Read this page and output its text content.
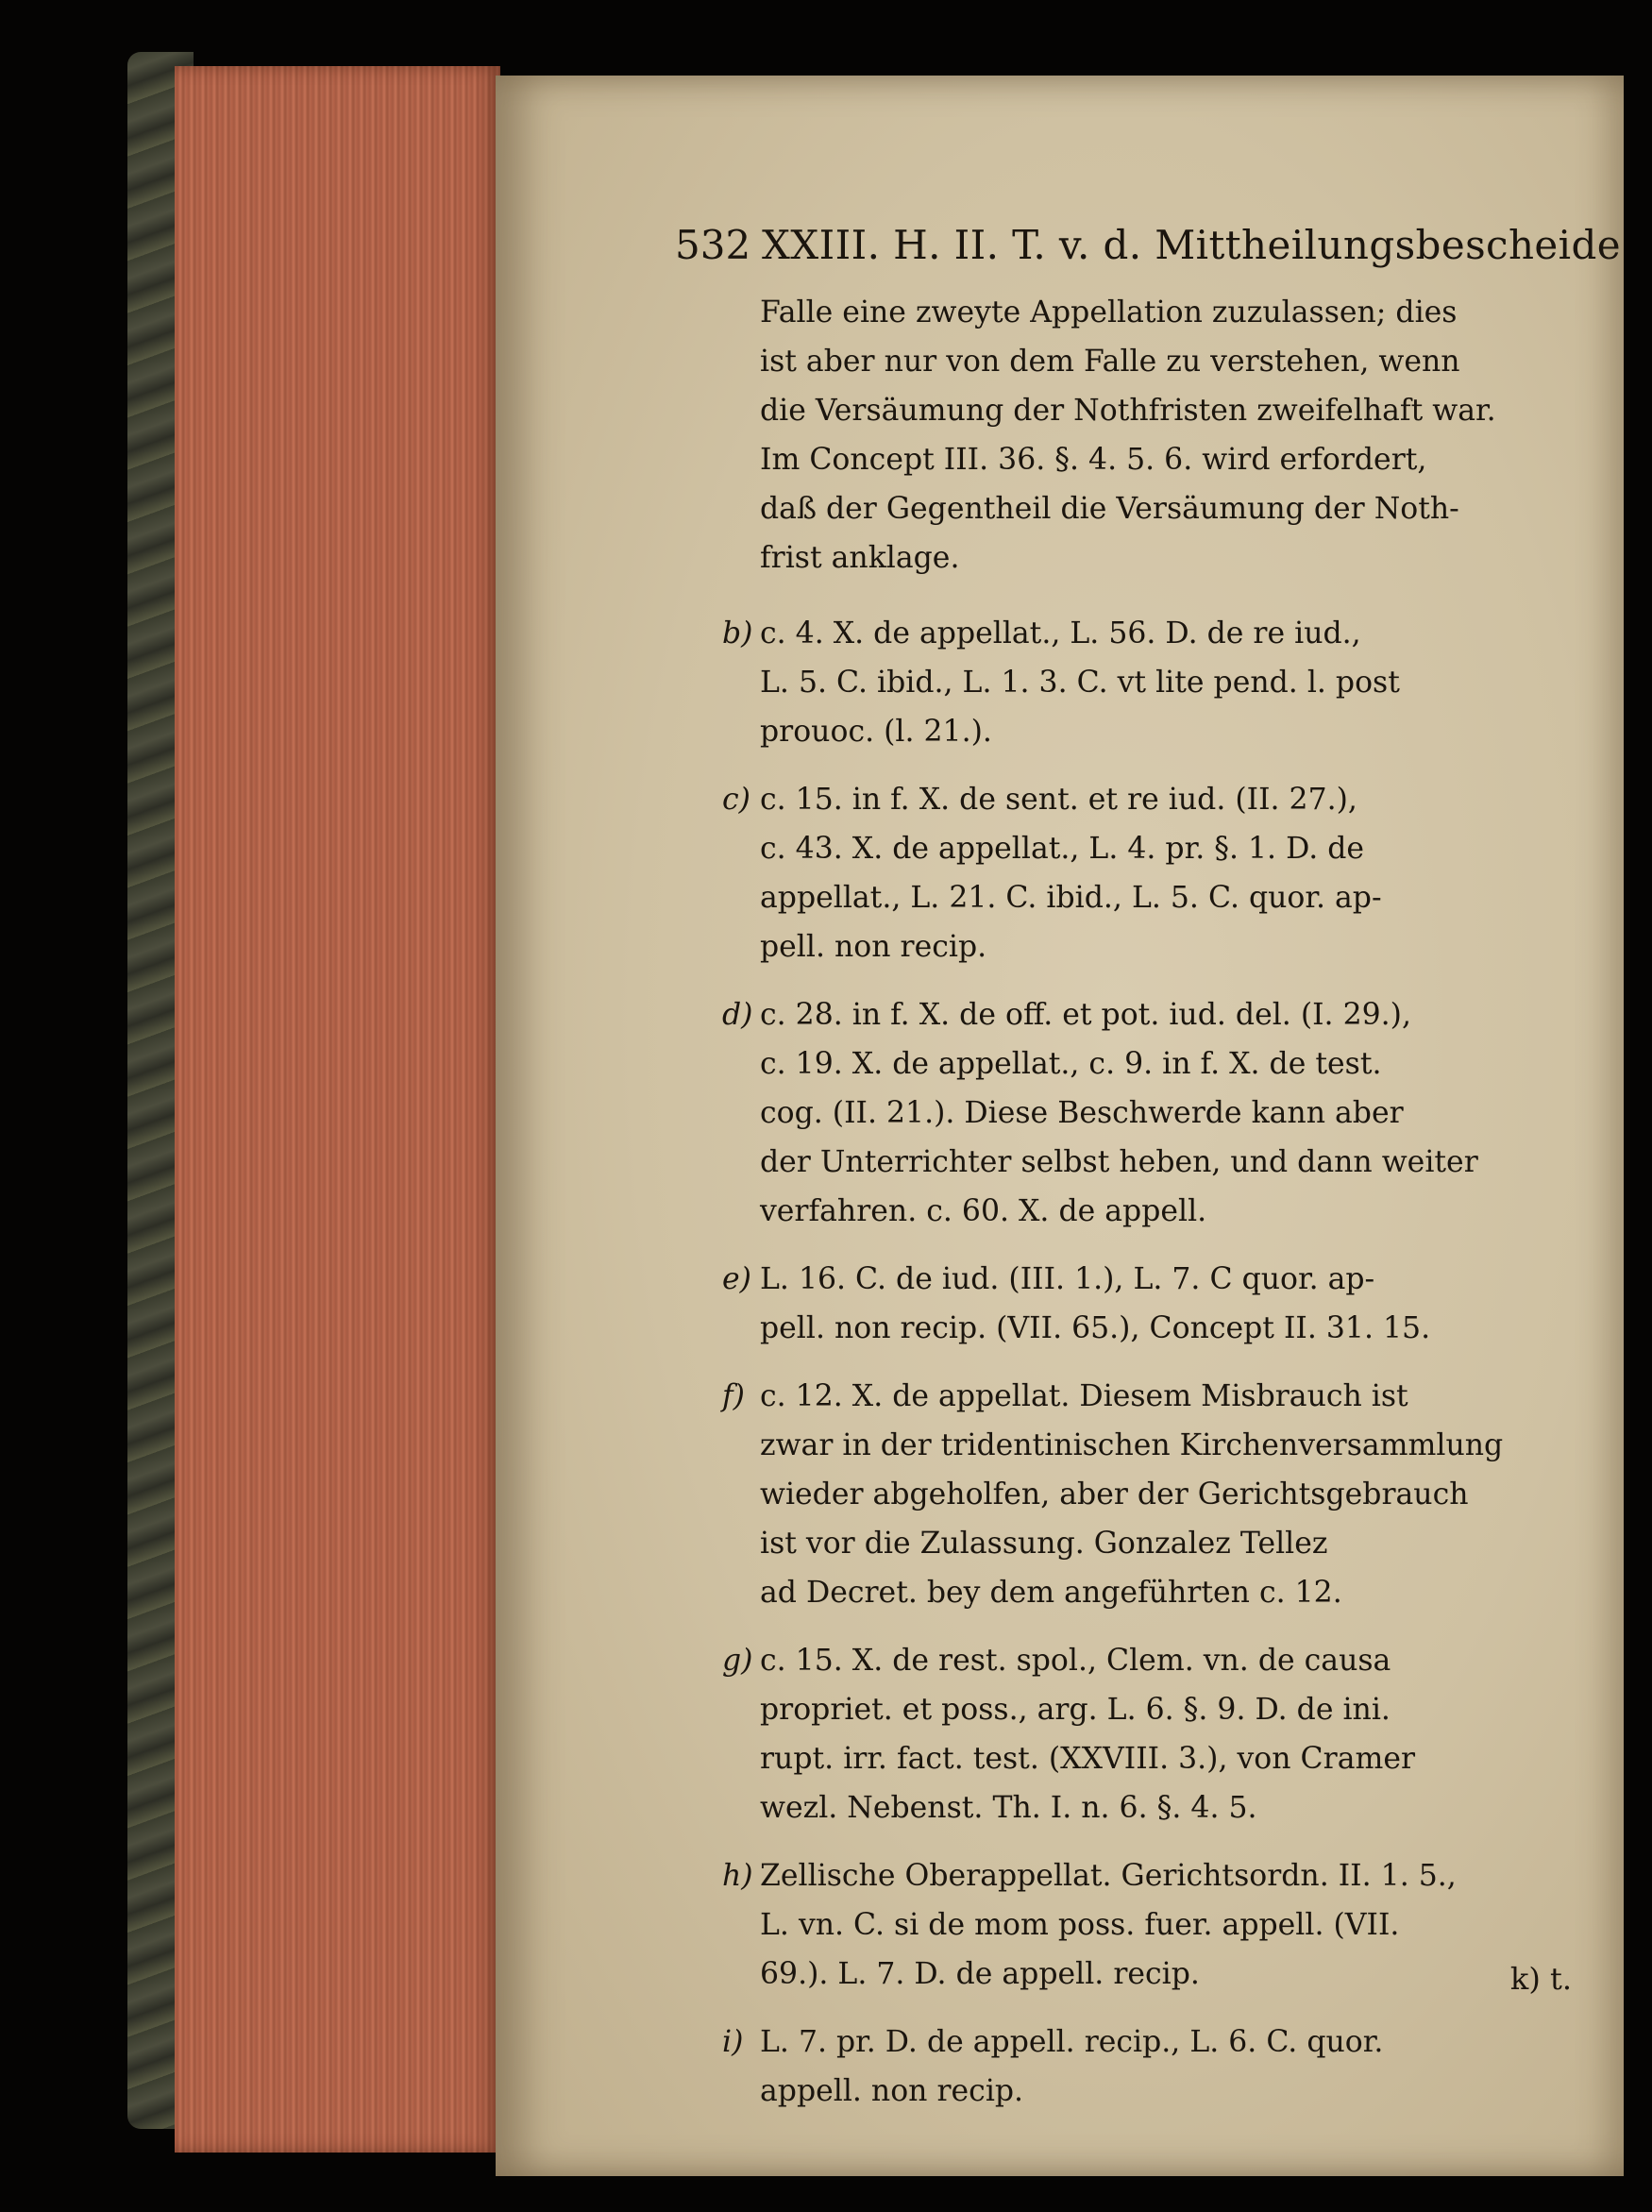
532 XXIII. H. II. T. v. d. Mittheilungsbescheide

Falle eine zweyte Appellation zuzulassen; dies
ist aber nur von dem Falle zu verstehen, wenn
die Versäumung der Nothfristen zweifelhaft war.
Im Concept III. 36. §. 4. 5. 6. wird erfordert,
daß der Gegentheil die Versäumung der Noth-
frist anklage.

b) c. 4. X. de appellat., L. 56. D. de re iud.,
L. 5. C. ibid., L. 1. 3. C. vt lite pend. l. post
prouoc. (l. 21.).
c) c. 15. in f. X. de sent. et re iud. (II. 27.),
c. 43. X. de appellat., L. 4. pr. §. 1. D. de
appellat., L. 21. C. ibid., L. 5. C. quor. ap-
pell. non recip.
d) c. 28. in f. X. de off. et pot. iud. del. (I. 29.),
c. 19. X. de appellat., c. 9. in f. X. de test.
cog. (II. 21.). Diese Beschwerde kann aber
der Unterrichter selbst heben, und dann weiter
verfahren. c. 60. X. de appell.
e) L. 16. C. de iud. (III. 1.), L. 7. C quor. ap-
pell. non recip. (VII. 65.), Concept II. 31. 15.
f) c. 12. X. de appellat. Diesem Misbrauch ist
zwar in der tridentinischen Kirchenversammlung
wieder abgeholfen, aber der Gerichtsgebrauch
ist vor die Zulassung. Gonzalez Tellez
ad Decret. bey dem angeführten c. 12.
g) c. 15. X. de rest. spol., Clem. vn. de causa
propriet. et poss., arg. L. 6. §. 9. D. de ini.
rupt. irr. fact. test. (XXVIII. 3.), von Cramer
wezl. Nebenst. Th. I. n. 6. §. 4. 5.
h) Zellische Oberappellat. Gerichtsordn. II. 1. 5.,
L. vn. C. si de mom poss. fuer. appell. (VII.
69.). L. 7. D. de appell. recip.
i) L. 7. pr. D. de appell. recip., L. 6. C. quor.
appell. non recip.
k) t.
